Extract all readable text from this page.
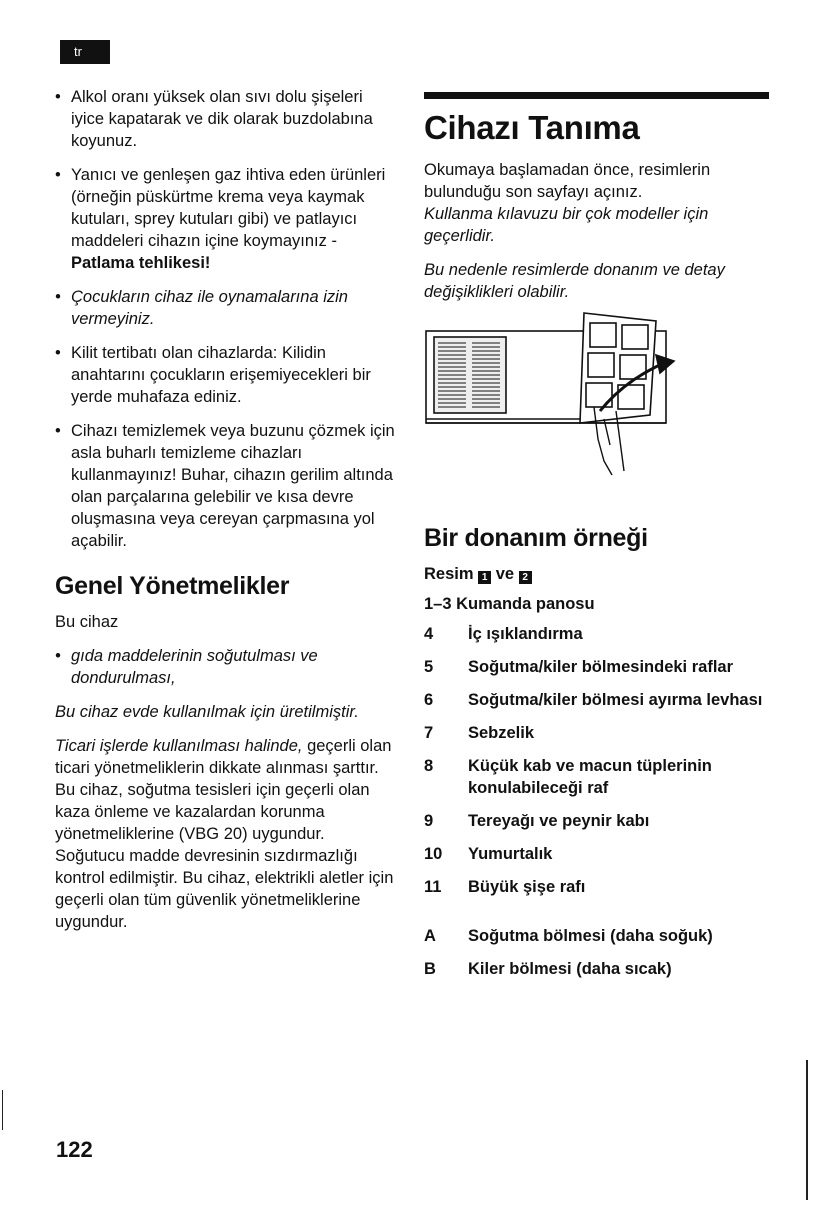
tr
• Alkol oranı yüksek olan sıvı dolu şişeleri iyice kapatarak ve dik olarak buzdolabına koyunuz.
• Yanıcı ve genleşen gaz ihtiva eden ürünleri (örneğin püskürtme krema veya kaymak kutuları, sprey kutuları gibi) ve patlayıcı maddeleri cihazın içine koymayınız - Patlama tehlikesi!
• Çocukların cihaz ile oynamalarına izin vermeyiniz.
• Kilit tertibatı olan cihazlarda: Kilidin anahtarını çocukların erişemiyecekleri bir yerde muhafaza ediniz.
• Cihazı temizlemek veya buzunu çözmek için asla buharlı temizleme cihazları kullanmayınız! Buhar, cihazın gerilim altında olan parçalarına gelebilir ve kısa devre oluşmasına veya cereyan çarpmasına yol açabilir.
Genel Yönetmelikler

Bu cihaz

• gıda maddelerinin soğutulması ve dondurulması,

Bu cihaz evde kullanılmak için üretilmiştir.

Ticari işlerde kullanılması halinde, geçerli olan ticari yönetmeliklerin dikkate alınması şarttır. Bu cihaz, soğutma tesisleri için geçerli olan kaza önleme ve kazalardan korunma yönetmeliklerine (VBG 20) uygundur. Soğutucu madde devresinin sızdırmazlığı kontrol edilmiştir. Bu cihaz, elektrikli aletler için geçerli olan tüm güvenlik yönetmeliklerine uygundur.

Cihazı Tanıma

Okumaya başlamadan önce, resimlerin bulunduğu son sayfayı açınız.

Kullanma kılavuzu bir çok modeller için geçerlidir.

Bu nedenle resimlerde donanım ve detay değişiklikleri olabilir.

Bir donanım örneği
Resim 1 ve 2
1–3 Kumanda panosu
4	İç ışıklandırma
5	Soğutma/kiler bölmesindeki raflar
6	Soğutma/kiler bölmesi ayırma levhası
7	Sebzelik
8	Küçük kab ve macun tüplerinin konulabileceği raf
9	Tereyağı ve peynir kabı
10	Yumurtalık
11	Büyük şişe rafı
A	Soğutma bölmesi (daha soğuk)
B	Kiler bölmesi (daha sıcak)
122
